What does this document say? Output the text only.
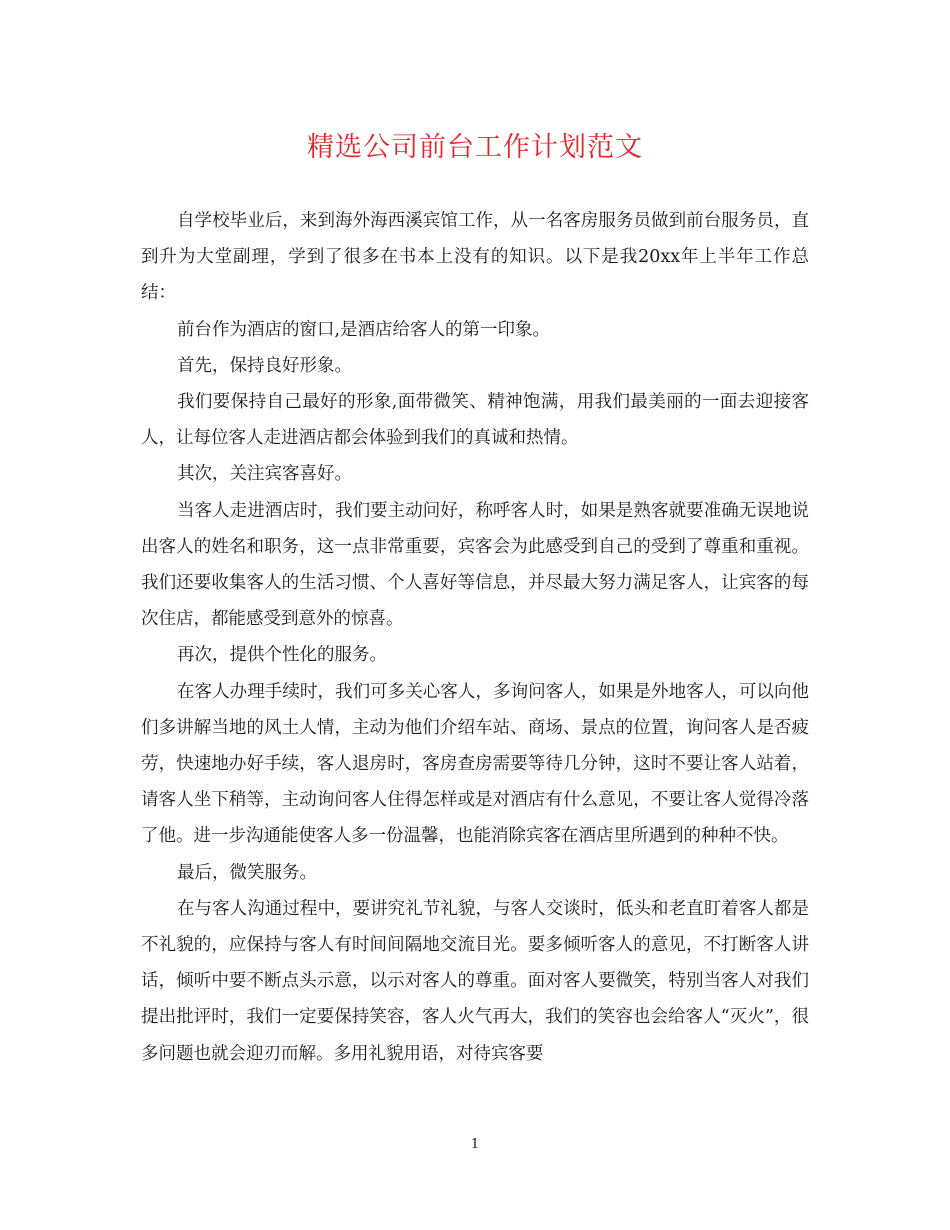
精选公司前台工作计划范文

自学校毕业后，来到海外海西溪宾馆工作，从一名客房服务员做到前台服务员，直到升为大堂副理，学到了很多在书本上没有的知识。以下是我20xx年上半年工作总结：

前台作为酒店的窗口,是酒店给客人的第一印象。

首先，保持良好形象。

我们要保持自己最好的形象,面带微笑、精神饱满，用我们最美丽的一面去迎接客人，让每位客人走进酒店都会体验到我们的真诚和热情。

其次，关注宾客喜好。

当客人走进酒店时，我们要主动问好，称呼客人时，如果是熟客就要准确无误地说出客人的姓名和职务，这一点非常重要，宾客会为此感受到自己的受到了尊重和重视。我们还要收集客人的生活习惯、个人喜好等信息，并尽最大努力满足客人，让宾客的每次住店，都能感受到意外的惊喜。

再次，提供个性化的服务。

在客人办理手续时，我们可多关心客人，多询问客人，如果是外地客人，可以向他们多讲解当地的风土人情，主动为他们介绍车站、商场、景点的位置，询问客人是否疲劳，快速地办好手续，客人退房时，客房查房需要等待几分钟，这时不要让客人站着，请客人坐下稍等，主动询问客人住得怎样或是对酒店有什么意见，不要让客人觉得冷落了他。进一步沟通能使客人多一份温馨，也能消除宾客在酒店里所遇到的种种不快。

最后，微笑服务。

在与客人沟通过程中，要讲究礼节礼貌，与客人交谈时，低头和老直盯着客人都是不礼貌的，应保持与客人有时间间隔地交流目光。要多倾听客人的意见，不打断客人讲话，倾听中要不断点头示意，以示对客人的尊重。面对客人要微笑，特别当客人对我们提出批评时，我们一定要保持笑容，客人火气再大，我们的笑容也会给客人“灭火”，很多问题也就会迎刃而解。多用礼貌用语，对待宾客要

1
